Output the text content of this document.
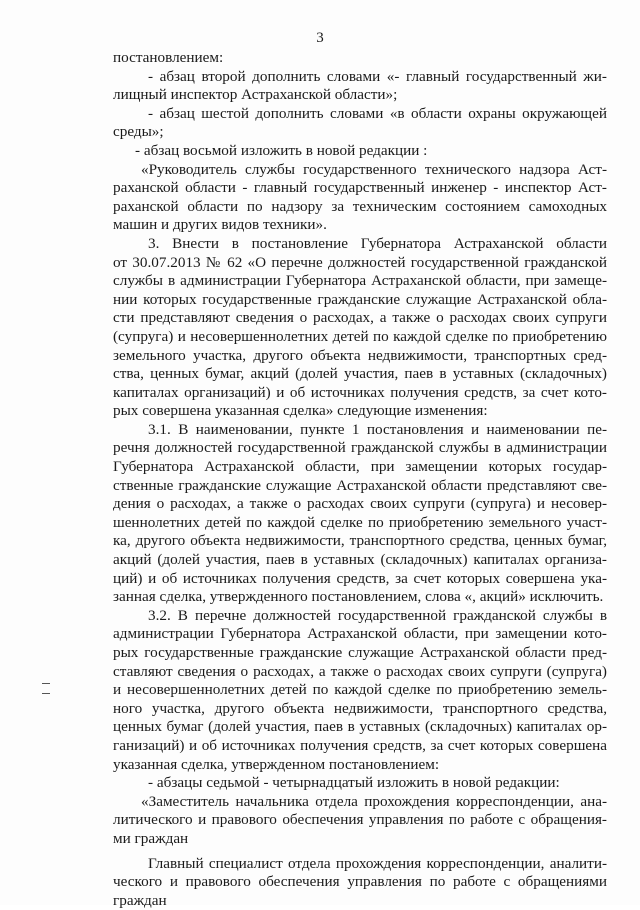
3
постановлением:
- абзац второй дополнить словами «- главный государственный жи-
лищный инспектор Астраханской области»;
- абзац шестой дополнить словами «в области охраны окружающей
среды»;
- абзац восьмой изложить в новой редакции :
«Руководитель службы государственного технического надзора Аст-
раханской области - главный государственный инженер - инспектор Аст-
раханской области по надзору за техническим состоянием самоходных
машин и других видов техники».
3. Внести в постановление Губернатора Астраханской области
от 30.07.2013 № 62 «О перечне должностей государственной гражданской
службы в администрации Губернатора Астраханской области, при замеще-
нии которых государственные гражданские служащие Астраханской обла-
сти представляют сведения о расходах, а также о расходах своих супруги
(супруга) и несовершеннолетних детей по каждой сделке по приобретению
земельного участка, другого объекта недвижимости, транспортных сред-
ства, ценных бумаг, акций (долей участия, паев в уставных (складочных)
капиталах организаций) и об источниках получения средств, за счет кото-
рых совершена указанная сделка» следующие изменения:
3.1. В наименовании, пункте 1 постановления и наименовании пе-
речня должностей государственной гражданской службы в администрации
Губернатора Астраханской области, при замещении которых государ-
ственные гражданские служащие Астраханской области представляют све-
дения о расходах, а также о расходах своих супруги (супруга) и несовер-
шеннолетних детей по каждой сделке по приобретению земельного участ-
ка, другого объекта недвижимости, транспортного средства, ценных бумаг,
акций (долей участия, паев в уставных (складочных) капиталах организа-
ций) и об источниках получения средств, за счет которых совершена ука-
занная сделка, утвержденного постановлением, слова «, акций» исключить.
3.2. В перечне должностей государственной гражданской службы в
администрации Губернатора Астраханской области, при замещении кото-
рых государственные гражданские служащие Астраханской области пред-
ставляют сведения о расходах, а также о расходах своих супруги (супруга)
и несовершеннолетних детей по каждой сделке по приобретению земель-
ного участка, другого объекта недвижимости, транспортного средства,
ценных бумаг (долей участия, паев в уставных (складочных) капиталах ор-
ганизаций) и об источниках получения средств, за счет которых совершена
указанная сделка, утвержденном постановлением:
- абзацы седьмой - четырнадцатый изложить в новой редакции:
«Заместитель начальника отдела прохождения корреспонденции, ана-
литического и правового обеспечения управления по работе с обращения-
ми граждан
Главный специалист отдела прохождения корреспонденции, аналити-
ческого и правового обеспечения управления по работе с обращениями
граждан
